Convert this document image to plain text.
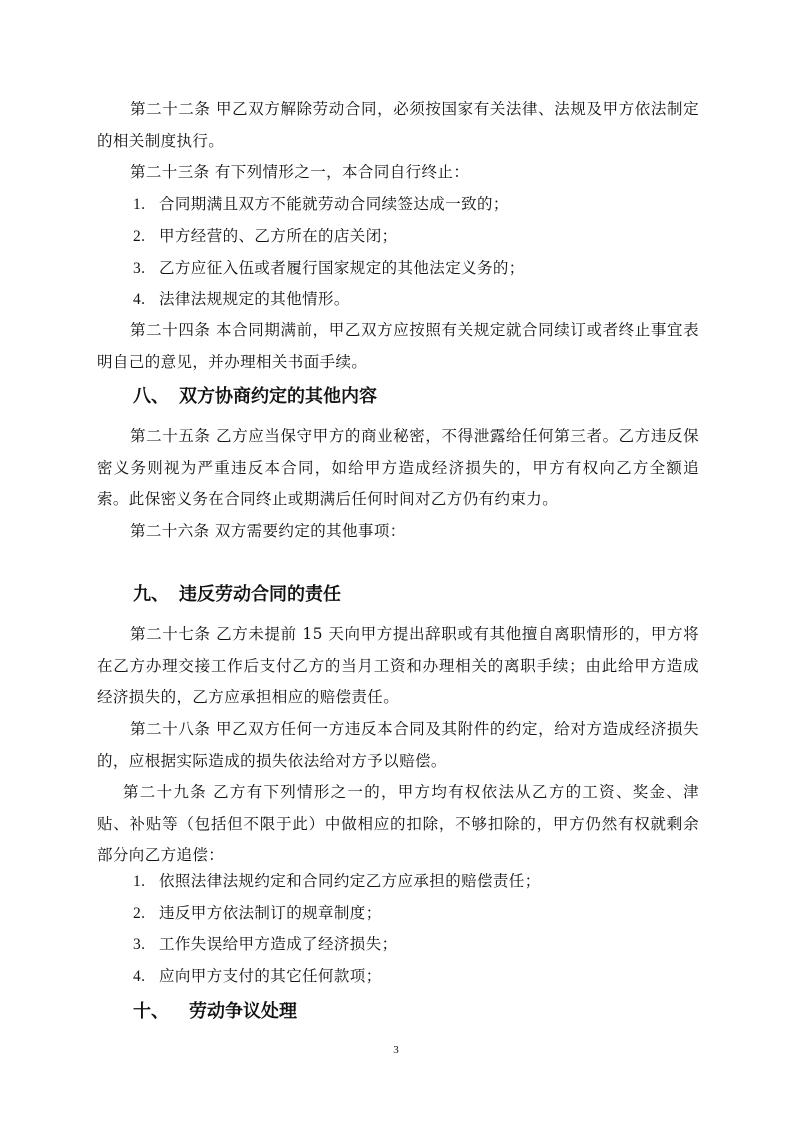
第二十二条 甲乙双方解除劳动合同，必须按国家有关法律、法规及甲方依法制定的相关制度执行。

第二十三条 有下列情形之一，本合同自行终止：

1. 合同期满且双方不能就劳动合同续签达成一致的；
2. 甲方经营的、乙方所在的店关闭；
3. 乙方应征入伍或者履行国家规定的其他法定义务的；
4. 法律法规规定的其他情形。

第二十四条 本合同期满前，甲乙双方应按照有关规定就合同续订或者终止事宜表明自己的意见，并办理相关书面手续。

八、 双方协商约定的其他内容

第二十五条 乙方应当保守甲方的商业秘密，不得泄露给任何第三者。乙方违反保密义务则视为严重违反本合同，如给甲方造成经济损失的，甲方有权向乙方全额追索。此保密义务在合同终止或期满后任何时间对乙方仍有约束力。

第二十六条 双方需要约定的其他事项：

九、 违反劳动合同的责任

第二十七条 乙方未提前 15 天向甲方提出辞职或有其他擅自离职情形的，甲方将在乙方办理交接工作后支付乙方的当月工资和办理相关的离职手续；由此给甲方造成经济损失的，乙方应承担相应的赔偿责任。

第二十八条 甲乙双方任何一方违反本合同及其附件的约定，给对方造成经济损失的，应根据实际造成的损失依法给对方予以赔偿。

第二十九条 乙方有下列情形之一的，甲方均有权依法从乙方的工资、奖金、津贴、补贴等（包括但不限于此）中做相应的扣除，不够扣除的，甲方仍然有权就剩余部分向乙方追偿：

1. 依照法律法规约定和合同约定乙方应承担的赔偿责任；
2. 违反甲方依法制订的规章制度；
3. 工作失误给甲方造成了经济损失；
4. 应向甲方支付的其它任何款项；
十、 劳动争议处理
3
